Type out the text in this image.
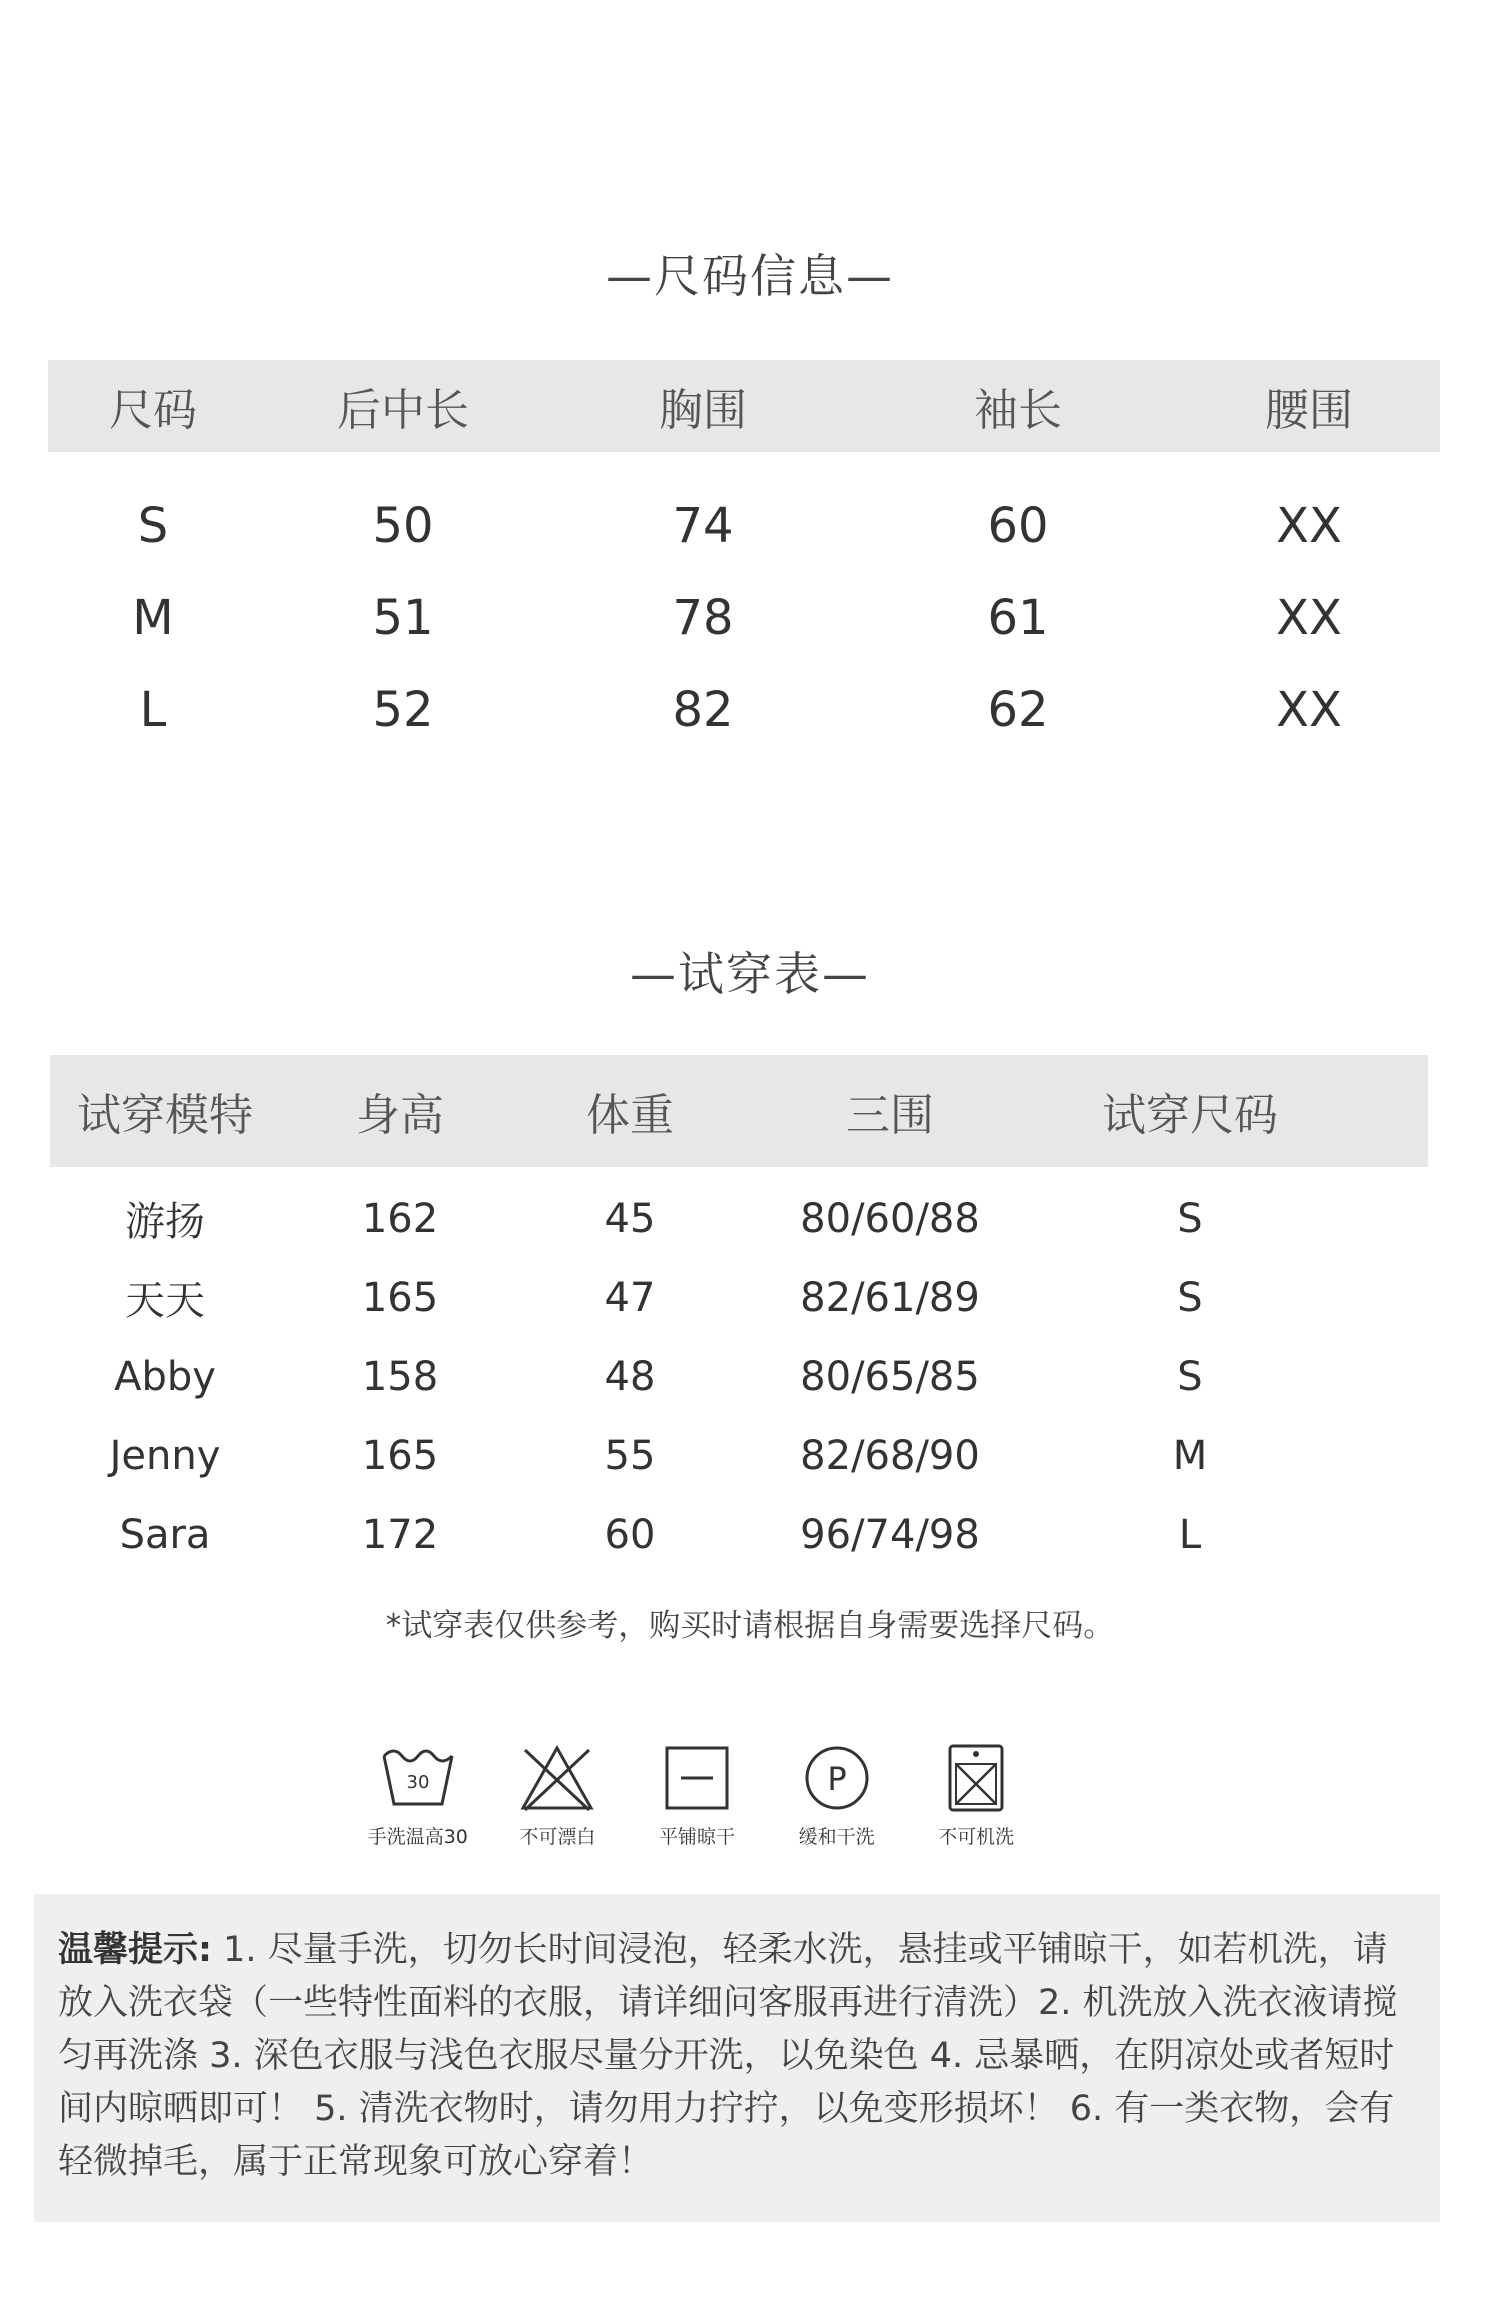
—尺码信息—
尺码	后中长	胸围	袖长	腰围
S	50	74	60	XX
M	51	78	61	XX
L	52	82	62	XX
—试穿表—
试穿模特	身高	体重	三围	试穿尺码
游扬	162	45	80/60/88	S
天天	165	47	82/61/89	S
Abby	158	48	80/65/85	S
Jenny	165	55	82/68/90	M
Sara	172	60	96/74/98	L
*试穿表仅供参考，购买时请根据自身需要选择尺码。
30
手洗温高30	不可漂白	平铺晾干
P
缓和干洗	不可机洗
温馨提示: 1. 尽量手洗，切勿长时间浸泡，轻柔水洗，悬挂或平铺晾干，如若机洗，请放入洗衣袋（一些特性面料的衣服，请详细问客服再进行清洗）2. 机洗放入洗衣液请搅匀再洗涤 3. 深色衣服与浅色衣服尽量分开洗，以免染色 4. 忌暴晒，在阴凉处或者短时间内晾晒即可！ 5. 清洗衣物时，请勿用力拧拧，以免变形损坏！ 6. 有一类衣物，会有轻微掉毛，属于正常现象可放心穿着！
